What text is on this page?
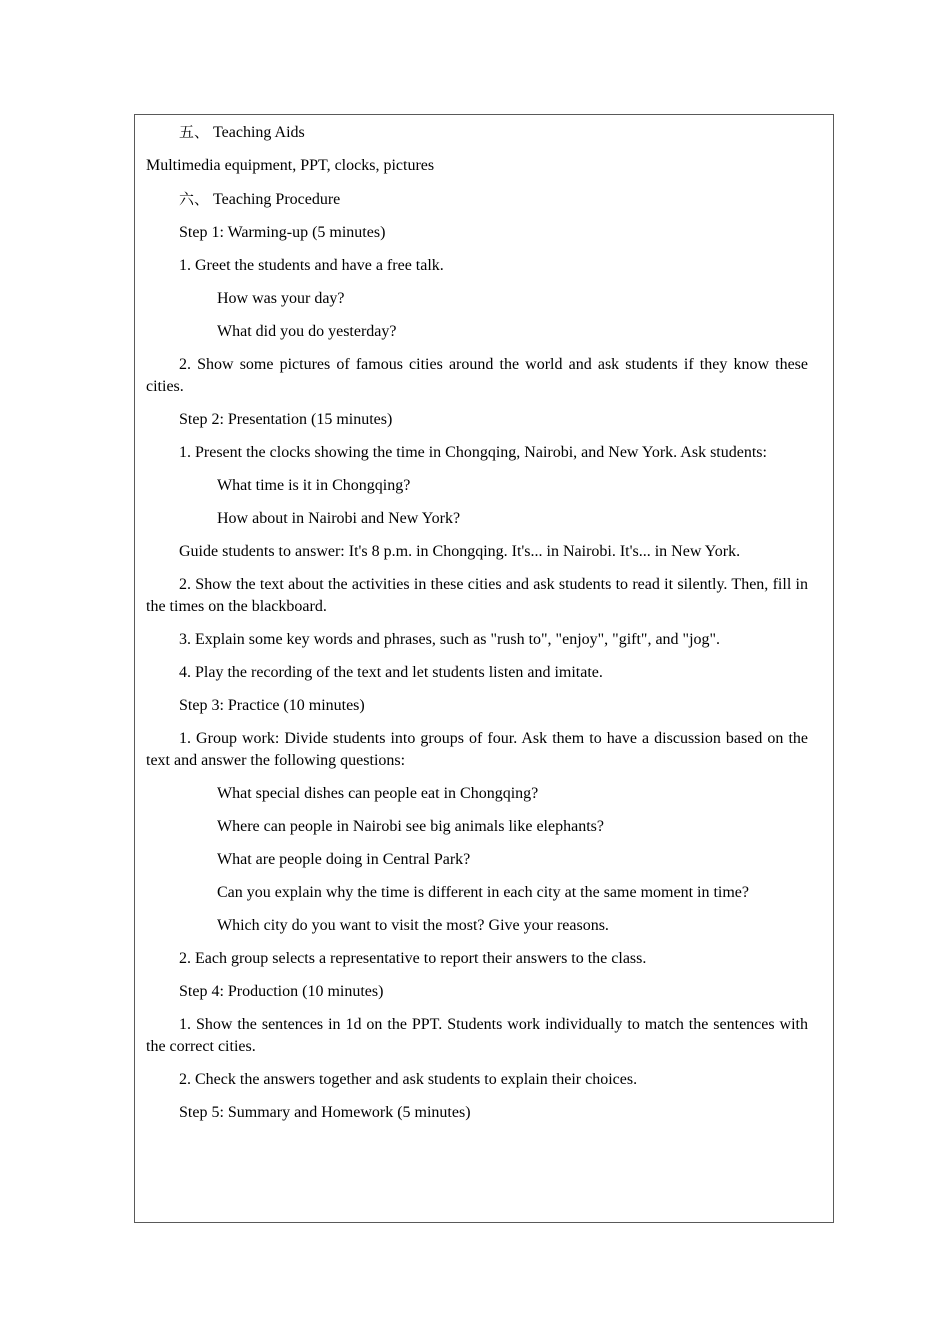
五、 Teaching Aids

Multimedia equipment, PPT, clocks, pictures

六、 Teaching Procedure

Step 1: Warming-up (5 minutes)

1. Greet the students and have a free talk.

How was your day?

What did you do yesterday?

2. Show some pictures of famous cities around the world and ask students if they know these cities.

Step 2: Presentation (15 minutes)

1. Present the clocks showing the time in Chongqing, Nairobi, and New York. Ask students:

What time is it in Chongqing?

How about in Nairobi and New York?

Guide students to answer: It's 8 p.m. in Chongqing. It's... in Nairobi. It's... in New York.

2. Show the text about the activities in these cities and ask students to read it silently. Then, fill in the times on the blackboard.

3. Explain some key words and phrases, such as "rush to", "enjoy", "gift", and "jog".

4. Play the recording of the text and let students listen and imitate.

Step 3: Practice (10 minutes)

1. Group work: Divide students into groups of four. Ask them to have a discussion based on the text and answer the following questions:

What special dishes can people eat in Chongqing?

Where can people in Nairobi see big animals like elephants?

What are people doing in Central Park?

Can you explain why the time is different in each city at the same moment in time?

Which city do you want to visit the most? Give your reasons.

2. Each group selects a representative to report their answers to the class.

Step 4: Production (10 minutes)

1. Show the sentences in 1d on the PPT. Students work individually to match the sentences with the correct cities.

2. Check the answers together and ask students to explain their choices.

Step 5: Summary and Homework (5 minutes)
